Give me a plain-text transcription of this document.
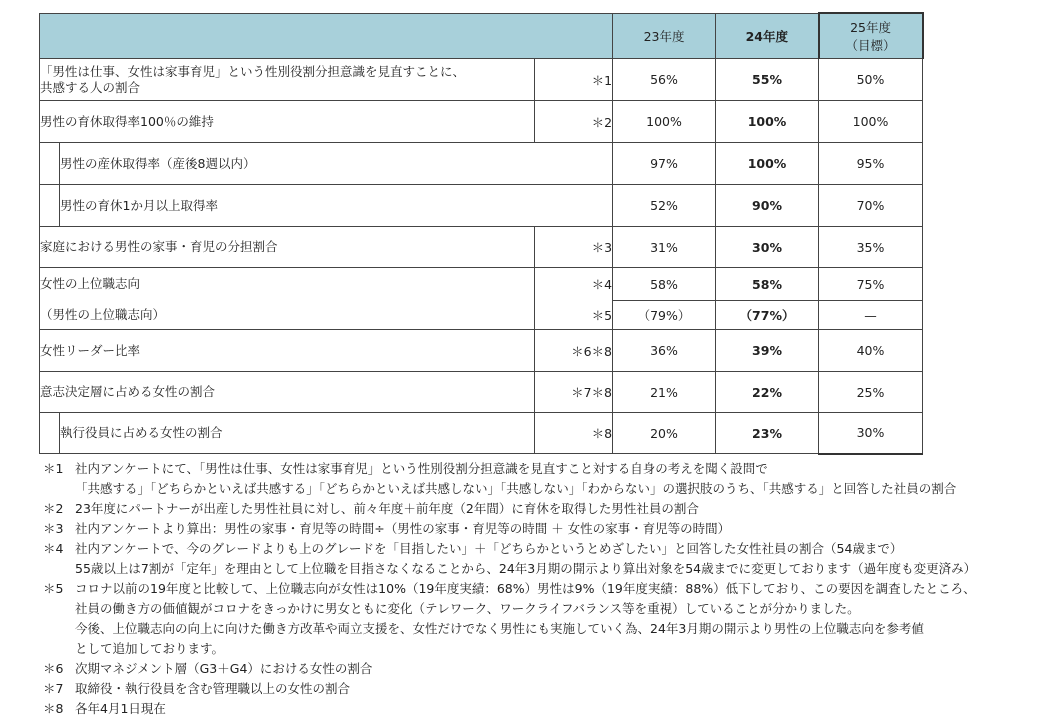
			23年度	24年度	25年度
（目標）
「男性は仕事、女性は家事育児」という性別役割分担意識を見直すことに、
共感する人の割合		＊1	56%	55%	50%
男性の育休取得率100％の維持		＊2	100%	100%	100%
	男性の産休取得率（産後8週以内）		97%	100%	95%
	男性の育休1か月以上取得率		52%	90%	70%
家庭における男性の家事・育児の分担割合		＊3	31%	30%	35%
女性の上位職志向		＊4	58%	58%	75%
（男性の上位職志向）		＊5	（79%）	（77%）	—
女性リーダー比率		＊6＊8	36%	39%	40%
意志決定層に占める女性の割合		＊7＊8	21%	22%	25%
	執行役員に占める女性の割合	＊8	20%	23%	30%
＊1 社内アンケートにて、「男性は仕事、女性は家事育児」という性別役割分担意識を見直すこと対する自身の考えを聞く設問で
「共感する」「どちらかといえば共感する」「どちらかといえば共感しない」「共感しない」「わからない」の選択肢のうち、「共感する」と回答した社員の割合
＊2 23年度にパートナーが出産した男性社員に対し、前々年度＋前年度（2年間）に育休を取得した男性社員の割合
＊3 社内アンケートより算出：男性の家事・育児等の時間÷（男性の家事・育児等の時間 ＋ 女性の家事・育児等の時間）
＊4 社内アンケートで、今のグレードよりも上のグレードを「目指したい」＋「どちらかというとめざしたい」と回答した女性社員の割合（54歳まで）
55歳以上は7割が「定年」を理由として上位職を目指さなくなることから、24年3月期の開示より算出対象を54歳までに変更しております（過年度も変更済み）
＊5 コロナ以前の19年度と比較して、上位職志向が女性は10%（19年度実績：68%）男性は9%（19年度実績：88%）低下しており、この要因を調査したところ、
社員の働き方の価値観がコロナをきっかけに男女ともに変化（テレワーク、ワークライフバランス等を重視）していることが分かりました。
今後、上位職志向の向上に向けた働き方改革や両立支援を、女性だけでなく男性にも実施していく為、24年3月期の開示より男性の上位職志向を参考値
として追加しております。
＊6 次期マネジメント層（G3＋G4）における女性の割合
＊7 取締役・執行役員を含む管理職以上の女性の割合
＊8 各年4月1日現在
